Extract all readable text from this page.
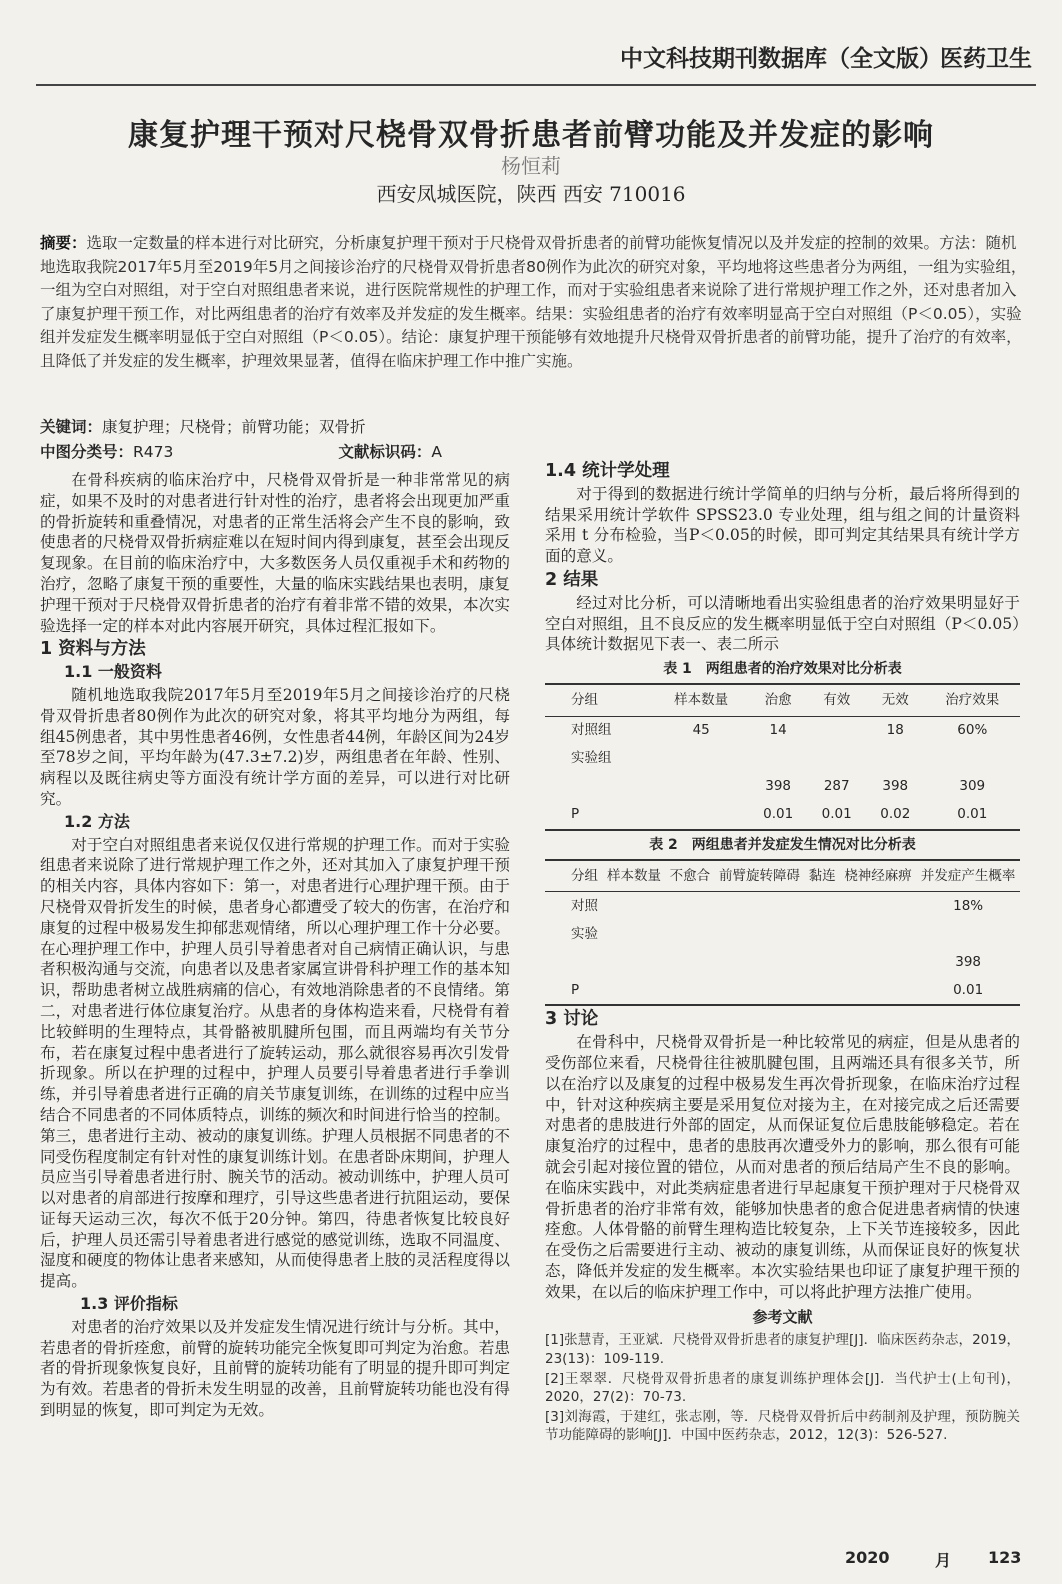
中文科技期刊数据库（全文版）
医药卫生
康复护理干预对尺桡骨双骨折患者前臂功能及并发症的影响
杨恒莉
西安凤城医院，陕西 西安 710016
摘要：选取一定数量的样本进行对比研究，分析康复护理干预对于尺桡骨双骨折患者的前臂功能恢复情况以及并发症的控制的效果。方法：随机地选取我院2017年5月至2019年5月之间接诊治疗的尺桡骨双骨折患者80例作为此次的研究对象，平均地将这些患者分为两组，一组为实验组，一组为空白对照组，对于空白对照组患者来说，进行医院常规性的护理工作，而对于实验组患者来说除了进行常规护理工作之外，还对患者加入了康复护理干预工作，对比两组患者的治疗有效率及并发症的发生概率。结果：实验组患者的治疗有效率明显高于空白对照组（P＜0.05），实验组并发症发生概率明显低于空白对照组（P＜0.05）。结论：康复护理干预能够有效地提升尺桡骨双骨折患者的前臂功能，提升了治疗的有效率，且降低了并发症的发生概率，护理效果显著，值得在临床护理工作中推广实施。
关键词：康复护理；尺桡骨；前臂功能；双骨折
中图分类号：R473	文献标识码：A

在骨科疾病的临床治疗中，尺桡骨双骨折是一种非常常见的病症，如果不及时的对患者进行针对性的治疗，患者将会出现更加严重的骨折旋转和重叠情况，对患者的正常生活将会产生不良的影响，致使患者的尺桡骨双骨折病症难以在短时间内得到康复，甚至会出现反复现象。在目前的临床治疗中，大多数医务人员仅重视手术和药物的治疗，忽略了康复干预的重要性，大量的临床实践结果也表明，康复护理干预对于尺桡骨双骨折患者的治疗有着非常不错的效果，本次实验选择一定的样本对此内容展开研究，具体过程汇报如下。

1 资料与方法
1.1 一般资料

随机地选取我院2017年5月至2019年5月之间接诊治疗的尺桡骨双骨折患者80例作为此次的研究对象，将其平均地分为两组，每组45例患者，其中男性患者46例，女性患者44例，年龄区间为24岁至78岁之间，平均年龄为(47.3±7.2)岁，两组患者在年龄、性别、病程以及既往病史等方面没有统计学方面的差异，可以进行对比研究。

1.2 方法

对于空白对照组患者来说仅仅进行常规的护理工作。而对于实验组患者来说除了进行常规护理工作之外，还对其加入了康复护理干预的相关内容，具体内容如下：第一，对患者进行心理护理干预。由于尺桡骨双骨折发生的时候，患者身心都遭受了较大的伤害，在治疗和康复的过程中极易发生抑郁悲观情绪，所以心理护理工作十分必要。在心理护理工作中，护理人员引导着患者对自己病情正确认识，与患者积极沟通与交流，向患者以及患者家属宣讲骨科护理工作的基本知识，帮助患者树立战胜病痛的信心，有效地消除患者的不良情绪。第二，对患者进行体位康复治疗。从患者的身体构造来看，尺桡骨有着比较鲜明的生理特点，其骨骼被肌腱所包围，而且两端均有关节分布，若在康复过程中患者进行了旋转运动，那么就很容易再次引发骨折现象。所以在护理的过程中，护理人员要引导着患者进行手拳训练，并引导着患者进行正确的肩关节康复训练，在训练的过程中应当结合不同患者的不同体质特点，训练的频次和时间进行恰当的控制。第三，患者进行主动、被动的康复训练。护理人员根据不同患者的不同受伤程度制定有针对性的康复训练计划。在患者卧床期间，护理人员应当引导着患者进行肘、腕关节的活动。被动训练中，护理人员可以对患者的肩部进行按摩和理疗，引导这些患者进行抗阻运动，要保证每天运动三次，每次不低于20分钟。第四，待患者恢复比较良好后，护理人员还需引导着患者进行感觉的感觉训练，选取不同温度、湿度和硬度的物体让患者来感知，从而使得患者上肢的灵活程度得以提高。

1.3 评价指标

对患者的治疗效果以及并发症发生情况进行统计与分析。其中，若患者的骨折痊愈，前臂的旋转功能完全恢复即可判定为治愈。若患者的骨折现象恢复良好，且前臂的旋转功能有了明显的提升即可判定为有效。若患者的骨折未发生明显的改善，且前臂旋转功能也没有得到明显的恢复，即可判定为无效。

1.4 统计学处理

对于得到的数据进行统计学简单的归纳与分析，最后将所得到的结果采用统计学软件 SPSS23.0 专业处理，组与组之间的计量资料采用 t 分布检验，当P＜0.05的时候，即可判定其结果具有统计学方面的意义。

2 结果

经过对比分析，可以清晰地看出实验组患者的治疗效果明显好于空白对照组，且不良反应的发生概率明显低于空白对照组（P＜0.05）具体统计数据见下表一、表二所示

表 1　两组患者的治疗效果对比分析表
分组	样本数量	治愈	有效	无效	治疗效果
对照组	45	14		18	60%
实验组					
		398	287	398	309
P		0.01	0.01	0.02	0.01
表 2　两组患者并发症发生情况对比分析表
分组	样本数量	不愈合	前臂旋转障碍	黏连	桡神经麻痹	并发症产生概率
对照						18%
实验						
						398
P						0.01
3 讨论

在骨科中，尺桡骨双骨折是一种比较常见的病症，但是从患者的受伤部位来看，尺桡骨往往被肌腱包围，且两端还具有很多关节，所以在治疗以及康复的过程中极易发生再次骨折现象，在临床治疗过程中，针对这种疾病主要是采用复位对接为主，在对接完成之后还需要对患者的患肢进行外部的固定，从而保证复位后患肢能够稳定。若在康复治疗的过程中，患者的患肢再次遭受外力的影响，那么很有可能就会引起对接位置的错位，从而对患者的预后结局产生不良的影响。在临床实践中，对此类病症患者进行早起康复干预护理对于尺桡骨双骨折患者的治疗非常有效，能够加快患者的愈合促进患者病情的快速痊愈。人体骨骼的前臂生理构造比较复杂，上下关节连接较多，因此在受伤之后需要进行主动、被动的康复训练，从而保证良好的恢复状态，降低并发症的发生概率。本次实验结果也印证了康复护理干预的效果，在以后的临床护理工作中，可以将此护理方法推广使用。

参考文献
[1]张慧青，王亚斌．尺桡骨双骨折患者的康复护理[J]．临床医药杂志，2019，23(13)：109-119.
[2]王翠翠．尺桡骨双骨折患者的康复训练护理体会[J]．当代护士(上旬刊)，2020，27(2)：70-73.
[3]刘海霞，于建红，张志刚，等．尺桡骨双骨折后中药制剂及护理，预防腕关节功能障碍的影响[J]．中国中医药杂志，2012，12(3)：526-527.
2020	月 123
